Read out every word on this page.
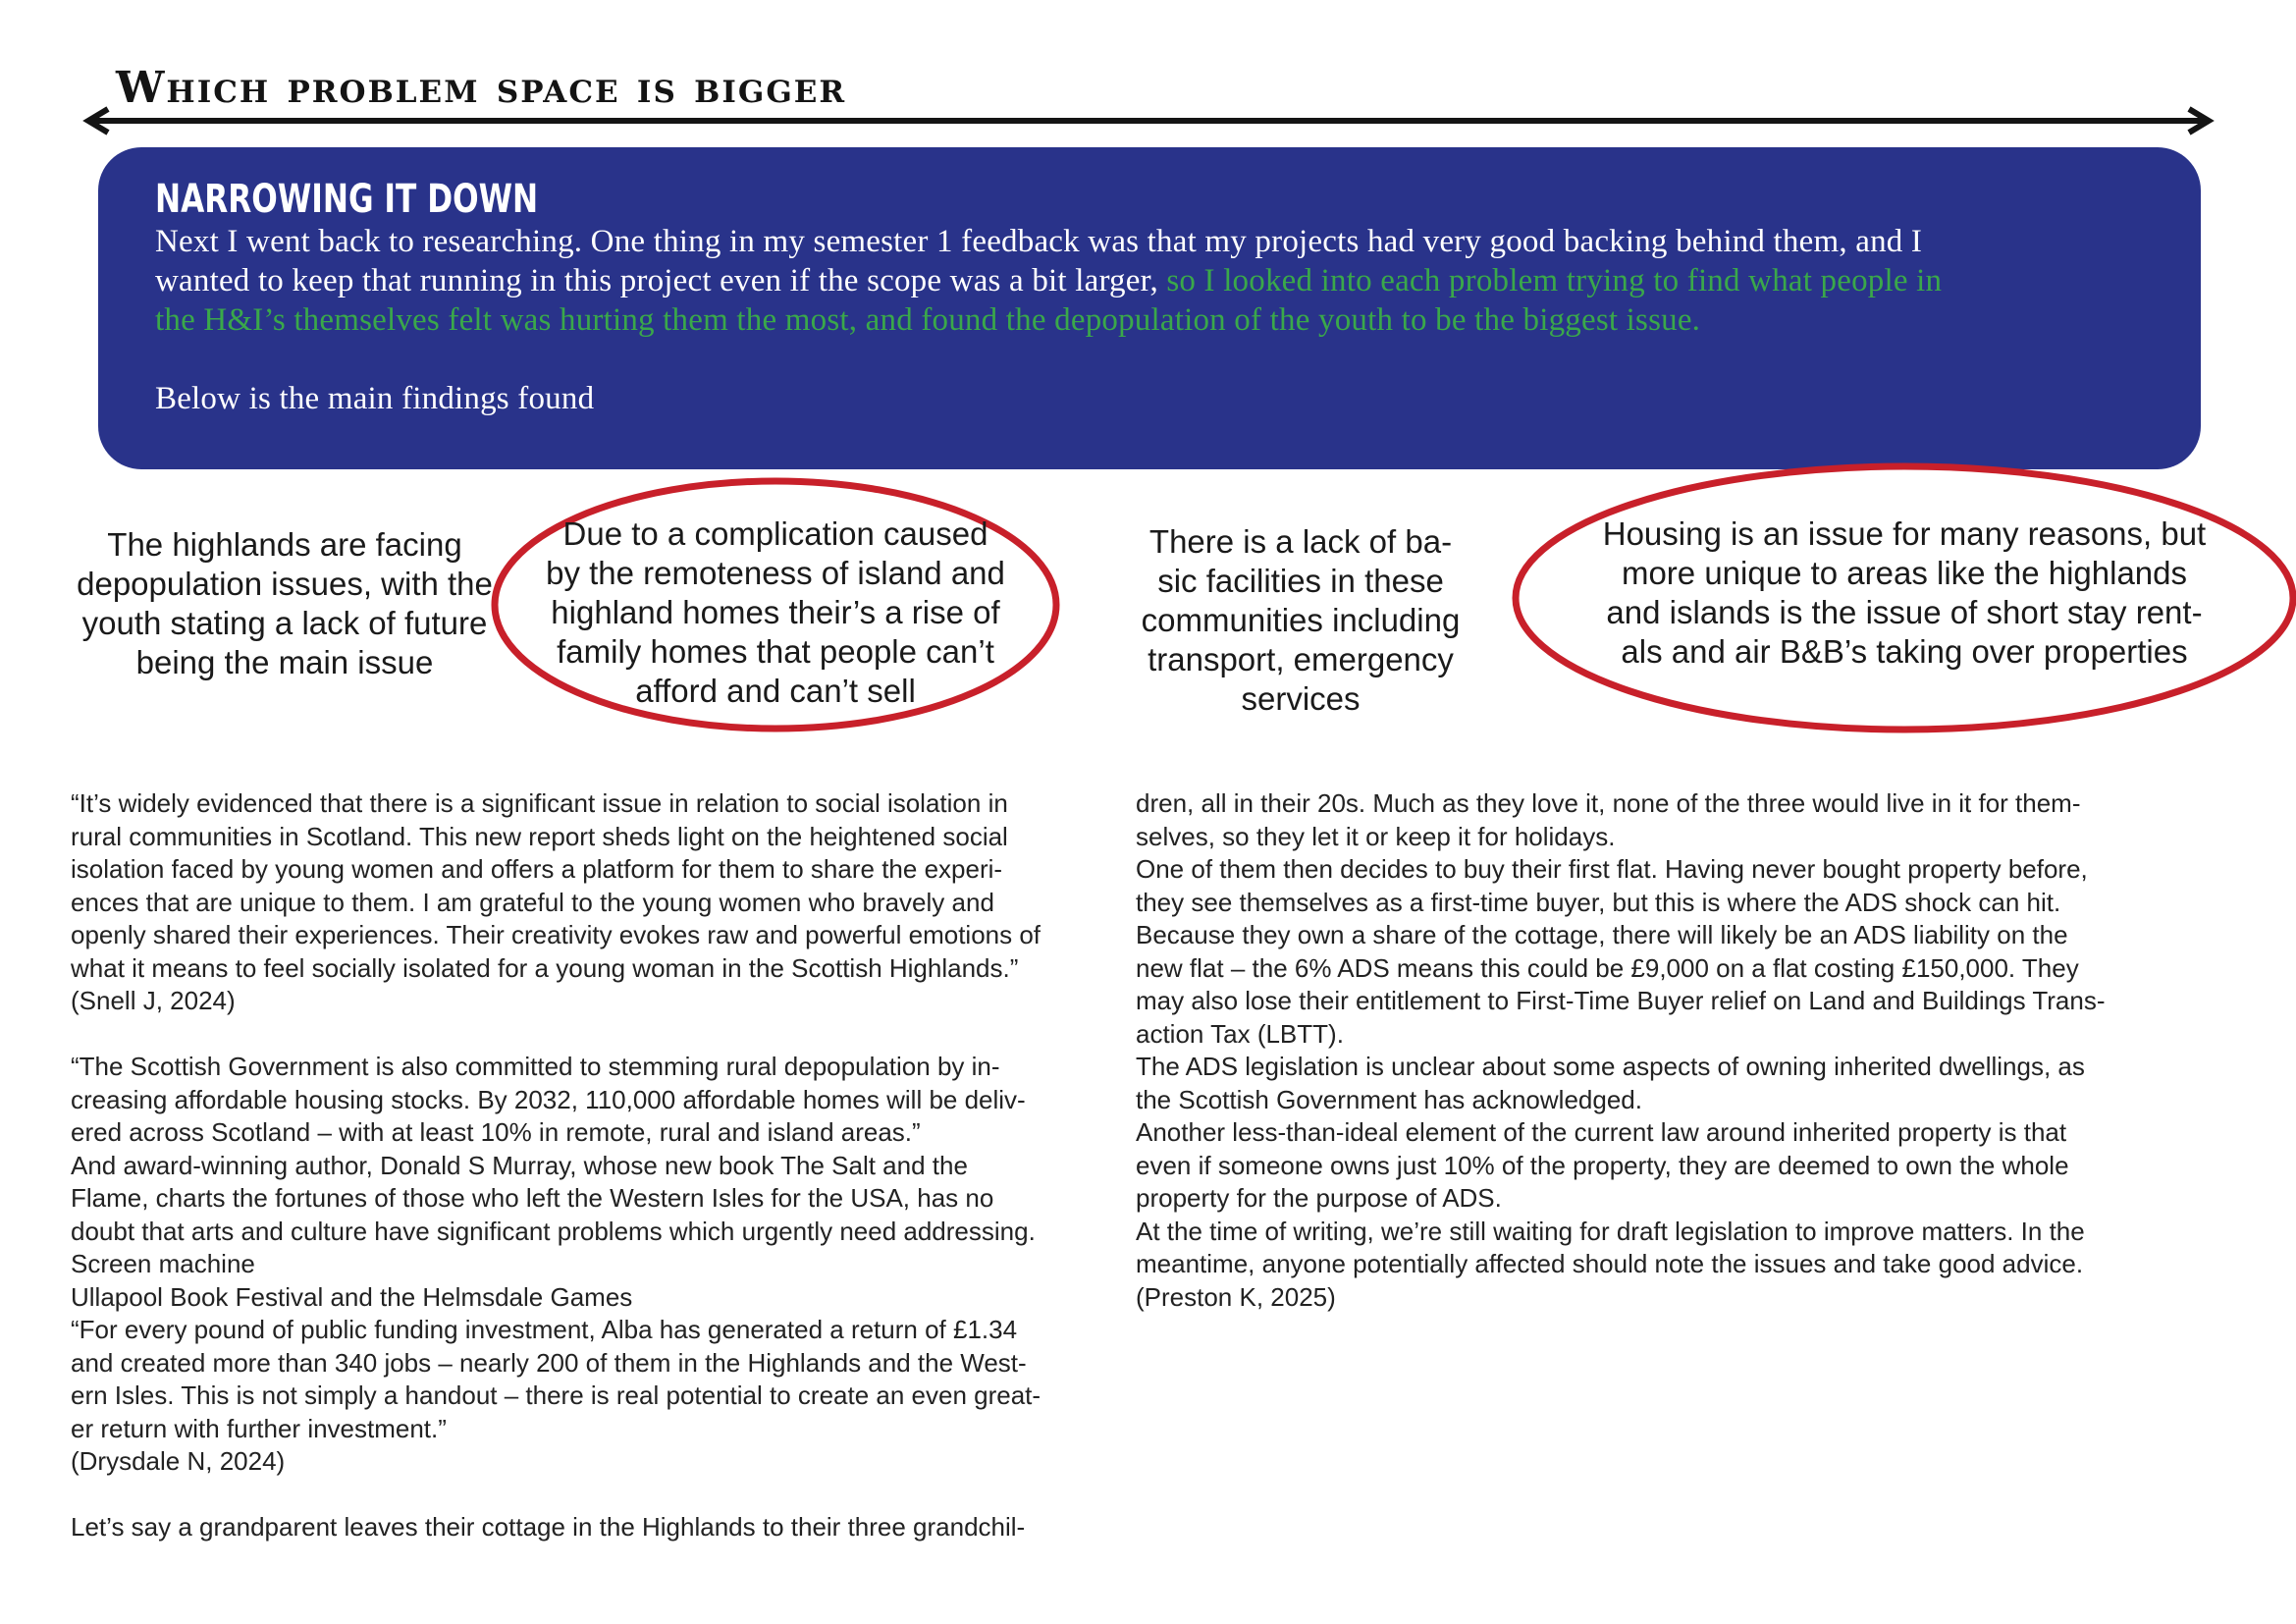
Which problem space is bigger
NARROWING IT DOWN

Next I went back to researching. One thing in my semester 1 feedback was that my projects had very good backing behind them, and I
wanted to keep that running in this project even if the scope was a bit larger, so I looked into each problem trying to find what people in
the H&I’s themselves felt was hurting them the most, and found the depopulation of the youth to be the biggest issue.

Below is the main findings found

The highlands are facing
depopulation issues, with the
youth stating a lack of future
being the main issue
Due to a complication caused
by the remoteness of island and
highland homes their’s a rise of
family homes that people can’t
afford and can’t sell
There is a lack of ba-
sic facilities in these
communities including
transport, emergency
services
Housing is an issue for many reasons, but
more unique to areas like the highlands
and islands is the issue of short stay rent-
als and air B&B’s taking over properties

“It’s widely evidenced that there is a significant issue in relation to social isolation in

rural communities in Scotland. This new report sheds light on the heightened social

isolation faced by young women and offers a platform for them to share the experi-

ences that are unique to them. I am grateful to the young women who bravely and

openly shared their experiences. Their creativity evokes raw and powerful emotions of

what it means to feel socially isolated for a young woman in the Scottish Highlands.”

(Snell J, 2024)

“The Scottish Government is also committed to stemming rural depopulation by in-

creasing affordable housing stocks. By 2032, 110,000 affordable homes will be deliv-

ered across Scotland – with at least 10% in remote, rural and island areas.”

And award-winning author, Donald S Murray, whose new book The Salt and the

Flame, charts the fortunes of those who left the Western Isles for the USA, has no

doubt that arts and culture have significant problems which urgently need addressing.

Screen machine

Ullapool Book Festival and the Helmsdale Games

“For every pound of public funding investment, Alba has generated a return of £1.34

and created more than 340 jobs – nearly 200 of them in the Highlands and the West-

ern Isles. This is not simply a handout – there is real potential to create an even great-

er return with further investment.”

(Drysdale N, 2024)

Let’s say a grandparent leaves their cottage in the Highlands to their three grandchil-

dren, all in their 20s. Much as they love it, none of the three would live in it for them-

selves, so they let it or keep it for holidays.

One of them then decides to buy their first flat. Having never bought property before,

they see themselves as a first-time buyer, but this is where the ADS shock can hit.

Because they own a share of the cottage, there will likely be an ADS liability on the

new flat – the 6% ADS means this could be £9,000 on a flat costing £150,000. They

may also lose their entitlement to First-Time Buyer relief on Land and Buildings Trans-

action Tax (LBTT).

The ADS legislation is unclear about some aspects of owning inherited dwellings, as

the Scottish Government has acknowledged.

Another less-than-ideal element of the current law around inherited property is that

even if someone owns just 10% of the property, they are deemed to own the whole

property for the purpose of ADS.

At the time of writing, we’re still waiting for draft legislation to improve matters. In the

meantime, anyone potentially affected should note the issues and take good advice.

(Preston K, 2025)
